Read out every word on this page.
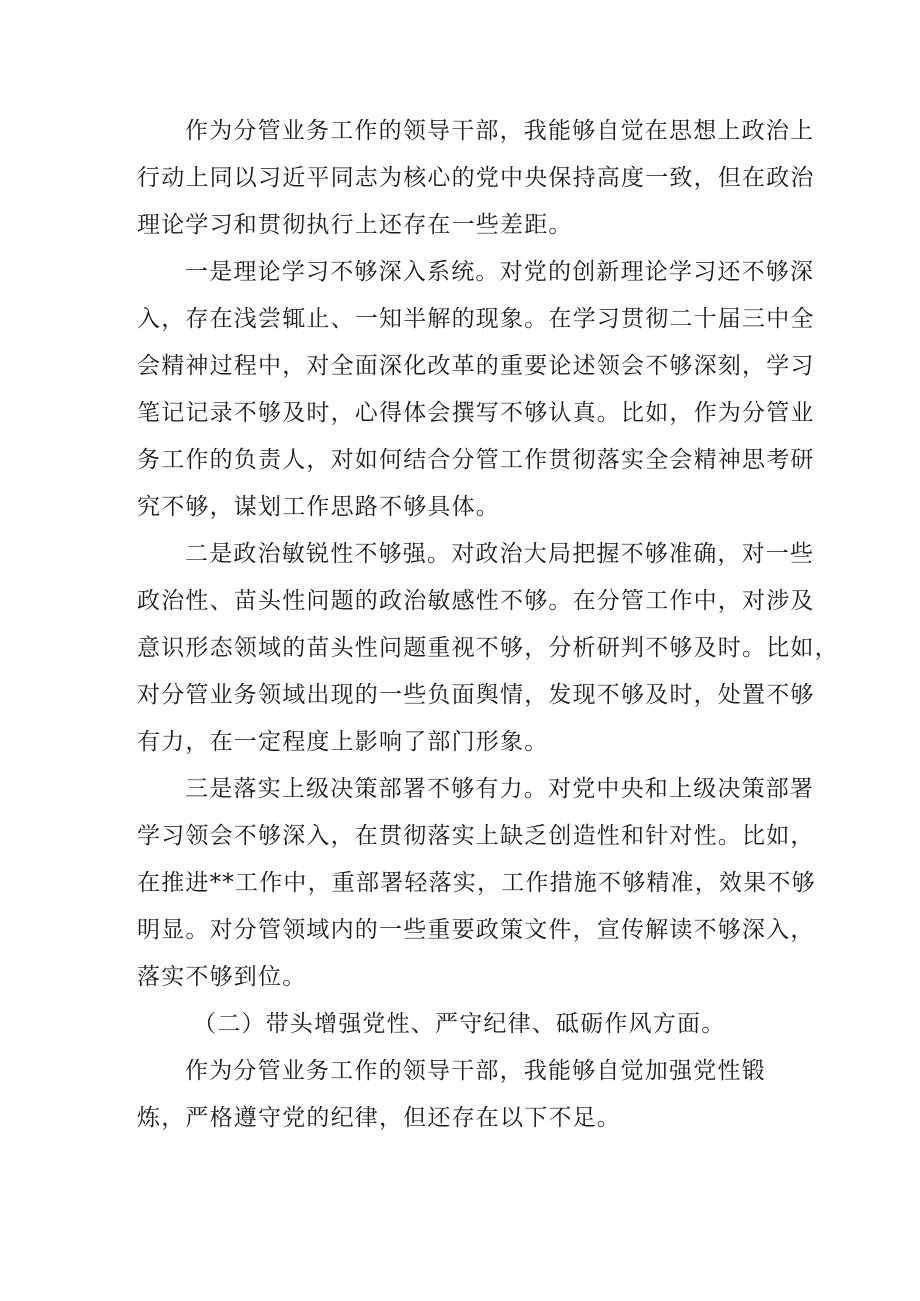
作为分管业务工作的领导干部，我能够自觉在思想上政治上
行动上同以习近平同志为核心的党中央保持高度一致，但在政治
理论学习和贯彻执行上还存在一些差距。
一是理论学习不够深入系统。对党的创新理论学习还不够深
入，存在浅尝辄止、一知半解的现象。在学习贯彻二十届三中全
会精神过程中，对全面深化改革的重要论述领会不够深刻，学习
笔记记录不够及时，心得体会撰写不够认真。比如，作为分管业
务工作的负责人，对如何结合分管工作贯彻落实全会精神思考研
究不够，谋划工作思路不够具体。
二是政治敏锐性不够强。对政治大局把握不够准确，对一些
政治性、苗头性问题的政治敏感性不够。在分管工作中，对涉及
意识形态领域的苗头性问题重视不够，分析研判不够及时。比如，
对分管业务领域出现的一些负面舆情，发现不够及时，处置不够
有力，在一定程度上影响了部门形象。
三是落实上级决策部署不够有力。对党中央和上级决策部署
学习领会不够深入，在贯彻落实上缺乏创造性和针对性。比如，
在推进**工作中，重部署轻落实，工作措施不够精准，效果不够
明显。对分管领域内的一些重要政策文件，宣传解读不够深入，
落实不够到位。
（二）带头增强党性、严守纪律、砥砺作风方面。
作为分管业务工作的领导干部，我能够自觉加强党性锻
炼，严格遵守党的纪律，但还存在以下不足。
